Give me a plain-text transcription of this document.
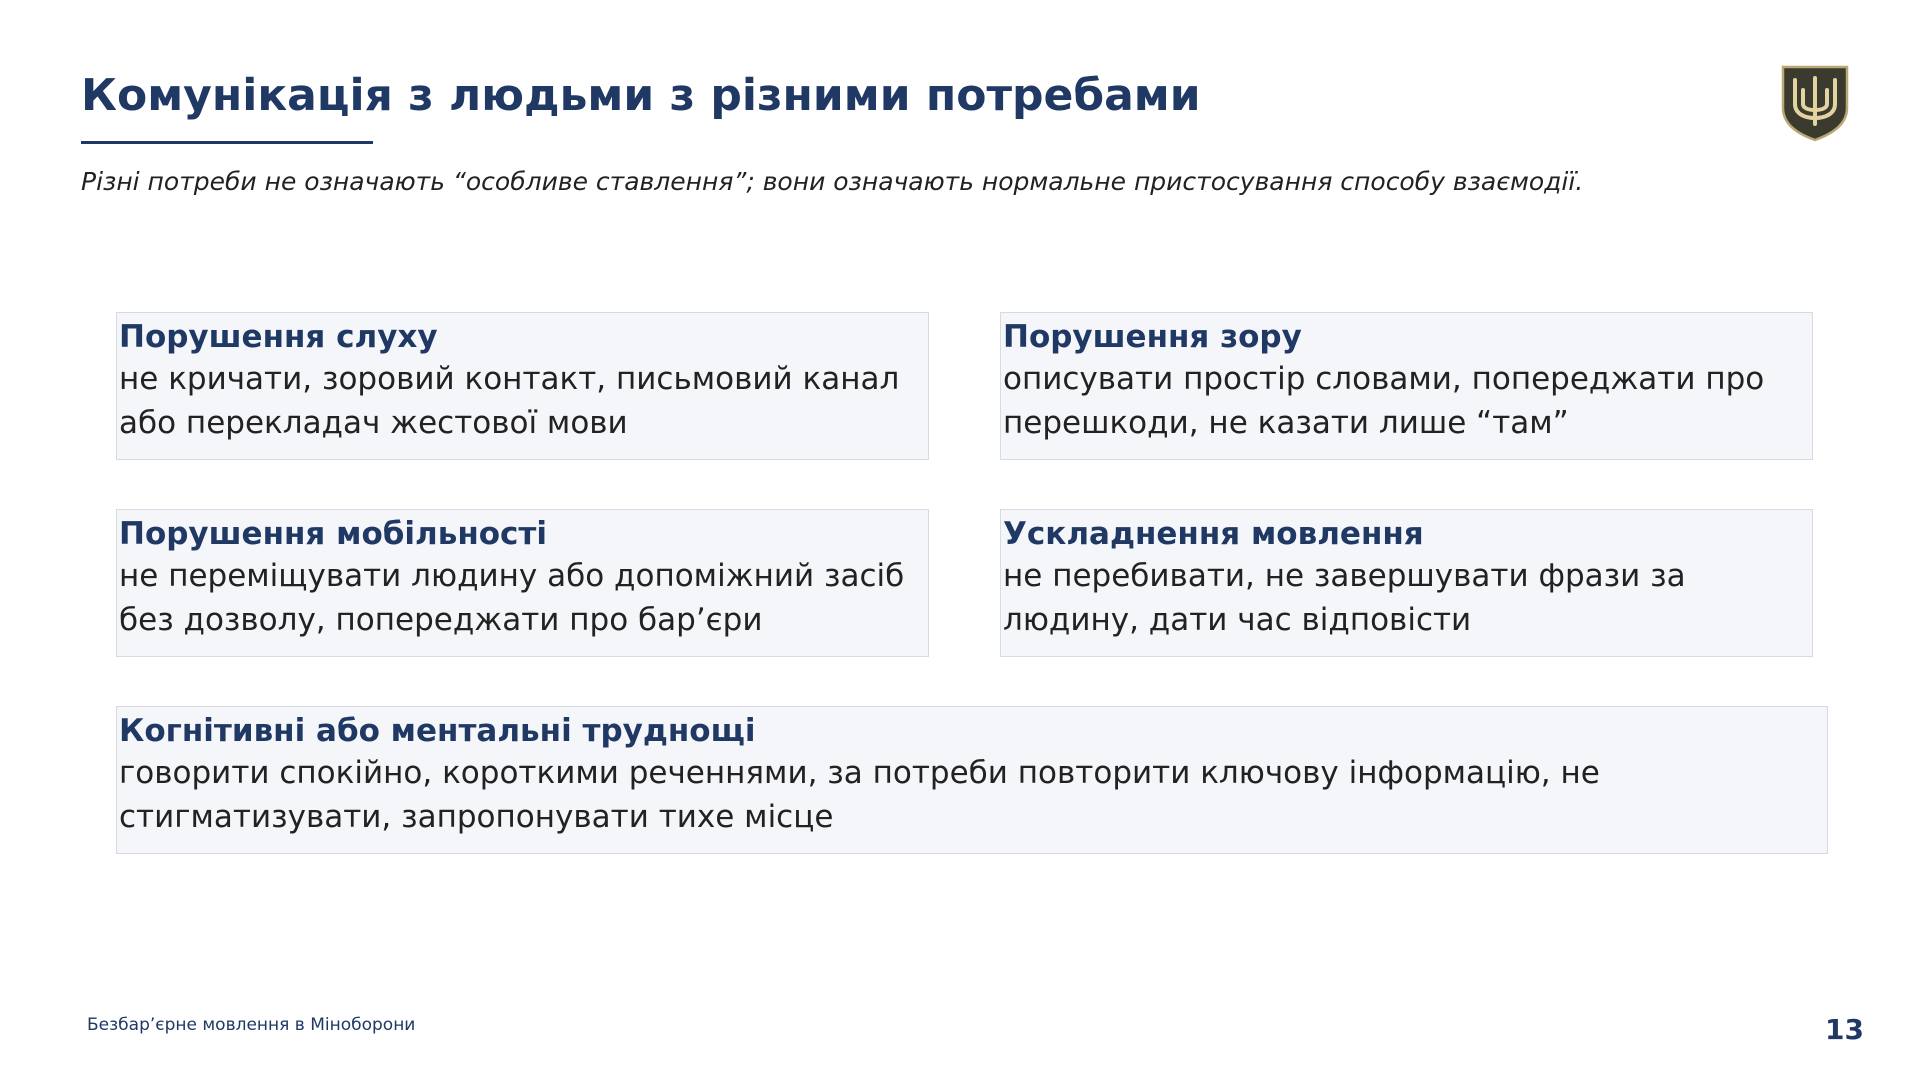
Комунікація з людьми з різними потребами

Різні потреби не означають “особливе ставлення”; вони означають нормальне пристосування способу взаємодії.

Порушення слуху
не кричати, зоровий контакт, письмовий канал або перекладач жестової мови
Порушення зору
описувати простір словами, попереджати про перешкоди, не казати лише “там”
Порушення мобільності
не переміщувати людину або допоміжний засіб без дозволу, попереджати про бар’єри
Ускладнення мовлення
не перебивати, не завершувати фрази за людину, дати час відповісти
Когнітивні або ментальні труднощі
говорити спокійно, короткими реченнями, за потреби повторити ключову інформацію, не стигматизувати, запропонувати тихе місце
Безбар’єрне мовлення в Міноборони	13
